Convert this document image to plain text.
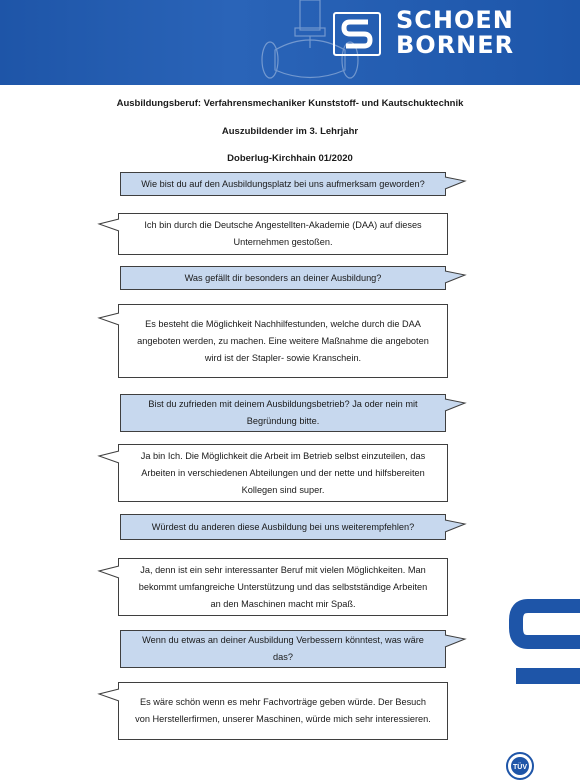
SCHOEN
BORNER
Ausbildungsberuf: Verfahrensmechaniker Kunststoff- und Kautschuktechnik
Auszubildender im 3. Lehrjahr
Doberlug-Kirchhain 01/2020
Wie bist du auf den Ausbildungsplatz bei uns aufmerksam geworden?
Ich bin durch die Deutsche Angestellten-Akademie (DAA) auf dieses Unternehmen gestoßen.
Was gefällt dir besonders an deiner Ausbildung?
Es besteht die Möglichkeit Nachhilfestunden, welche durch die DAA angeboten werden, zu machen. Eine weitere Maßnahme die angeboten wird ist der Stapler- sowie Kranschein.
Bist du zufrieden mit deinem Ausbildungsbetrieb? Ja oder nein mit Begründung bitte.
Ja bin Ich. Die Möglichkeit die Arbeit im Betrieb selbst einzuteilen, das Arbeiten in verschiedenen Abteilungen und der nette und hilfsbereiten Kollegen sind super.
Würdest du anderen diese Ausbildung bei uns weiterempfehlen?
Ja, denn ist ein sehr interessanter Beruf mit vielen Möglichkeiten. Man bekommt umfangreiche Unterstützung und das selbstständige Arbeiten an den Maschinen macht mir Spaß.
Wenn du etwas an deiner Ausbildung Verbessern könntest, was wäre das?
Es wäre schön wenn es mehr Fachvorträge geben würde. Der Besuch von Herstellerfirmen, unserer Maschinen, würde mich sehr interessieren.
TÜV
